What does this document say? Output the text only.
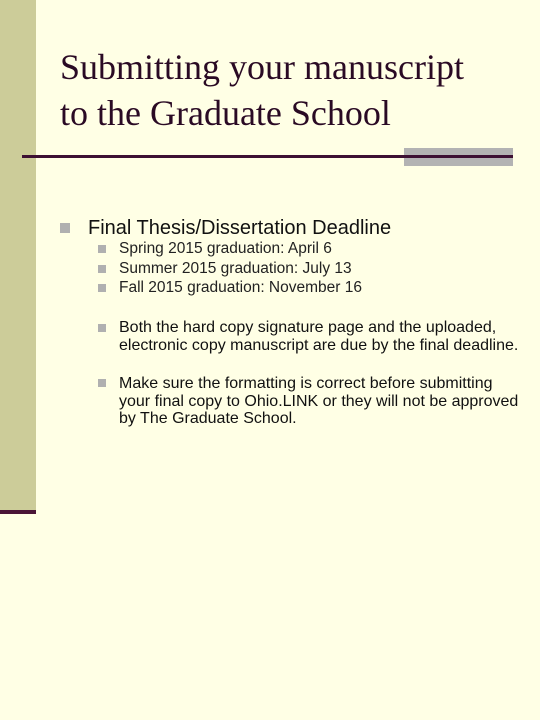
Submitting your manuscript
to the Graduate School

Final Thesis/Dissertation Deadline

Spring 2015 graduation: April 6

Summer 2015 graduation: July 13

Fall 2015 graduation: November 16

Both the hard copy signature page and the uploaded, electronic copy manuscript are due by the final deadline.

Make sure the formatting is correct before submitting your final copy to Ohio.LINK or they will not be approved by The Graduate School.
